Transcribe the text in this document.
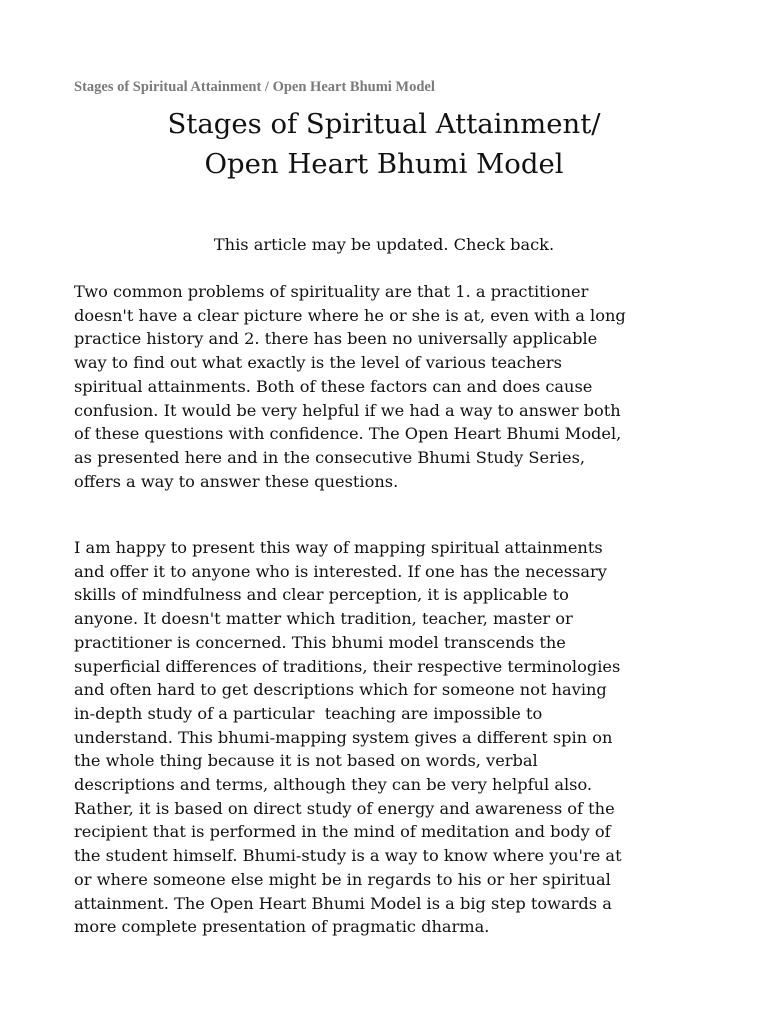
Stages of Spiritual Attainment / Open Heart Bhumi Model
Stages of Spiritual Attainment/
Open Heart Bhumi Model

This article may be updated. Check back.

Two common problems of spirituality are that 1. a practitioner
doesn't have a clear picture where he or she is at, even with a long
practice history and 2. there has been no universally applicable
way to find out what exactly is the level of various teachers
spiritual attainments. Both of these factors can and does cause
confusion. It would be very helpful if we had a way to answer both
of these questions with confidence. The Open Heart Bhumi Model,
as presented here and in the consecutive Bhumi Study Series,
offers a way to answer these questions.

I am happy to present this way of mapping spiritual attainments
and offer it to anyone who is interested. If one has the necessary
skills of mindfulness and clear perception, it is applicable to
anyone. It doesn't matter which tradition, teacher, master or
practitioner is concerned. This bhumi model transcends the
superficial differences of traditions, their respective terminologies
and often hard to get descriptions which for someone not having
in-depth study of a particular  teaching are impossible to
understand. This bhumi-mapping system gives a different spin on
the whole thing because it is not based on words, verbal
descriptions and terms, although they can be very helpful also.
Rather, it is based on direct study of energy and awareness of the
recipient that is performed in the mind of meditation and body of
the student himself. Bhumi-study is a way to know where you're at
or where someone else might be in regards to his or her spiritual
attainment. The Open Heart Bhumi Model is a big step towards a
more complete presentation of pragmatic dharma.
